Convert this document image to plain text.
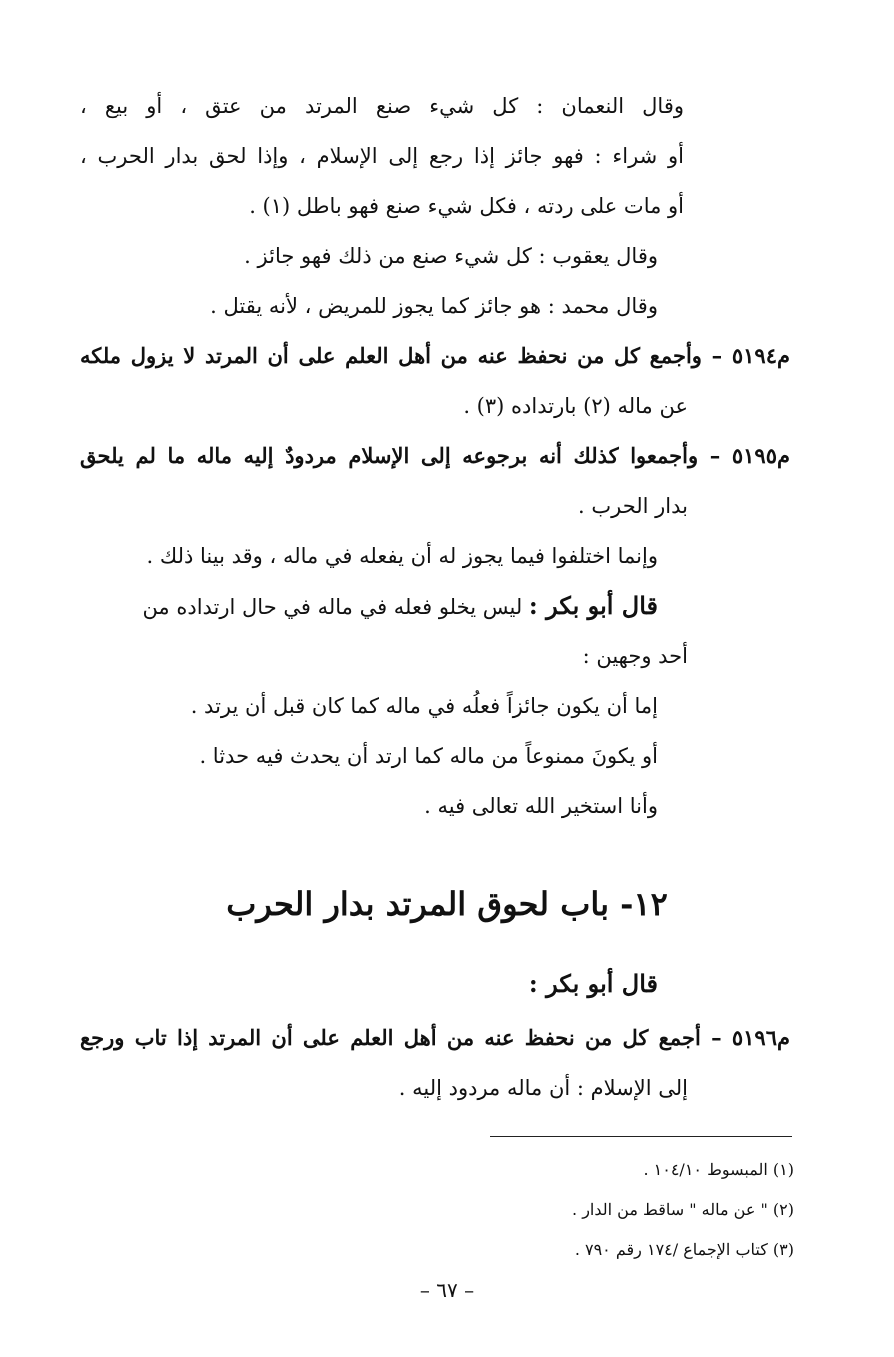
وقال النعمان : كل شيء صنع المرتد من عتق ، أو بيع ،
أو شراء : فهو جائز إذا رجع إلى الإسلام ، وإذا لحق بدار الحرب ،
أو مات على ردته ، فكل شيء صنع فهو باطل (١) .
وقال يعقوب : كل شيء صنع من ذلك فهو جائز .
وقال محمد : هو جائز كما يجوز للمريض ، لأنه يقتل .
م٥١٩٤ – وأجمع كل من نحفظ عنه من أهل العلم على أن المرتد لا يزول ملكه
عن ماله (٢) بارتداده (٣) .
م٥١٩٥ – وأجمعوا كذلك أنه برجوعه إلى الإسلام مردودٌ إليه ماله ما لم يلحق
بدار الحرب .
وإنما اختلفوا فيما يجوز له أن يفعله في ماله ، وقد بينا ذلك .
قال أبو بكر : ليس يخلو فعله في ماله في حال ارتداده من
أحد وجهين :
إما أن يكون جائزاً فعلُه في ماله كما كان قبل أن يرتد .
أو يكونَ ممنوعاً من ماله كما ارتد أن يحدث فيه حدثا .
وأنا استخير الله تعالى فيه .
١٢- باب لحوق المرتد بدار الحرب
قال أبو بكر :
م٥١٩٦ – أجمع كل من نحفظ عنه من أهل العلم على أن المرتد إذا تاب ورجع
إلى الإسلام : أن ماله مردود إليه .
(١) المبسوط ١٠٤/١٠ .
(٢) " عن ماله " ساقط من الدار .
(٣) كتاب الإجماع /١٧٤ رقم ٧٩٠ .
– ٦٧ –
